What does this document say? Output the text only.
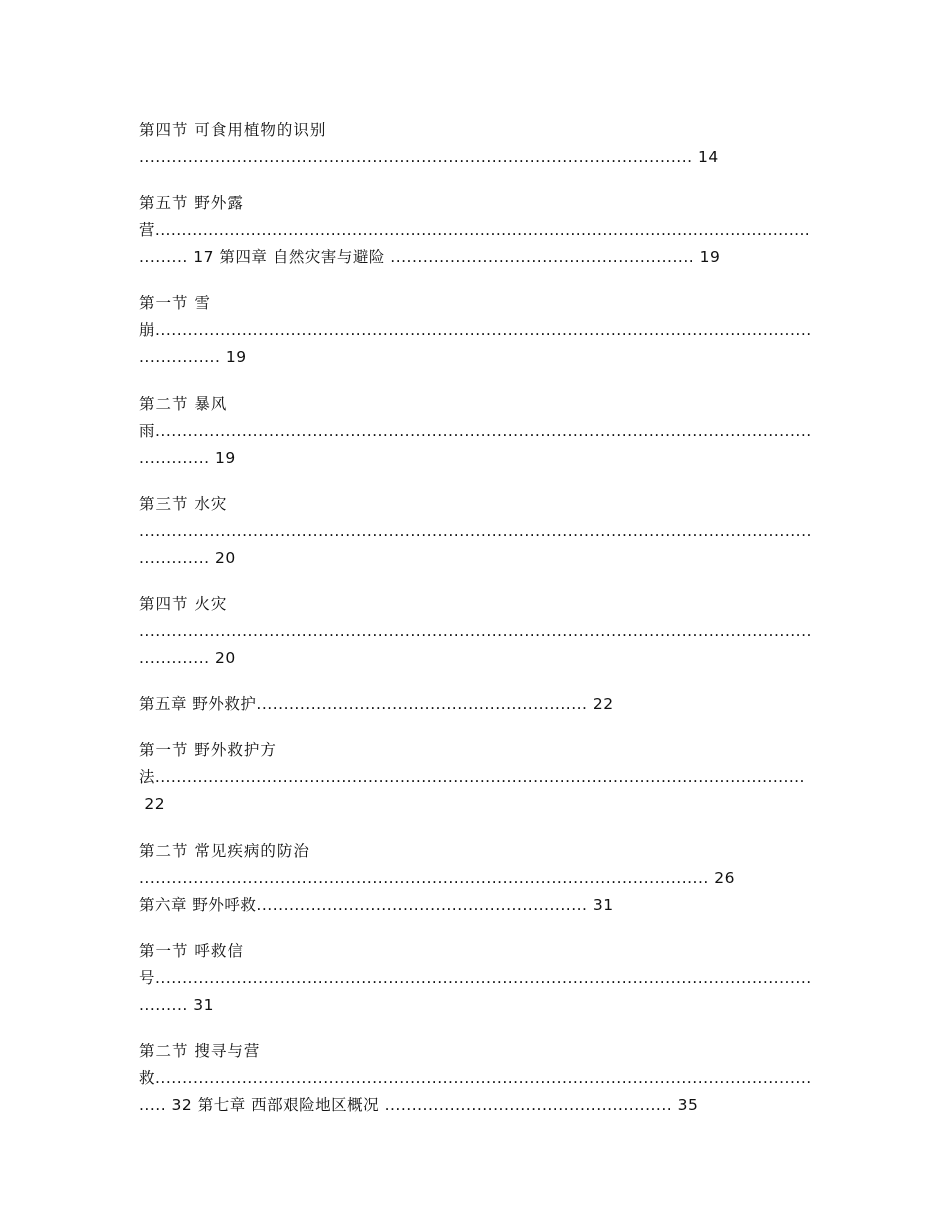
第四节 可食用植物的识别
...................................................................................................... 14
第五节 野外露
营...........................................................................................................................
......... 17 第四章 自然灾害与避险 ........................................................ 19
第一节 雪
崩.........................................................................................................................
............... 19
第二节 暴风
雨.........................................................................................................................
............. 19
第三节 水灾
............................................................................................................................
............. 20
第四节 火灾
............................................................................................................................
............. 20
第五章 野外救护............................................................. 22
第一节 野外救护方
法..........................................................................................................................
22
第二节 常见疾病的防治
......................................................................................................... 26
第六章 野外呼救............................................................. 31
第一节 呼救信
号.........................................................................................................................
......... 31
第二节 搜寻与营
救.........................................................................................................................
..... 32 第七章 西部艰险地区概况 ..................................................... 35
